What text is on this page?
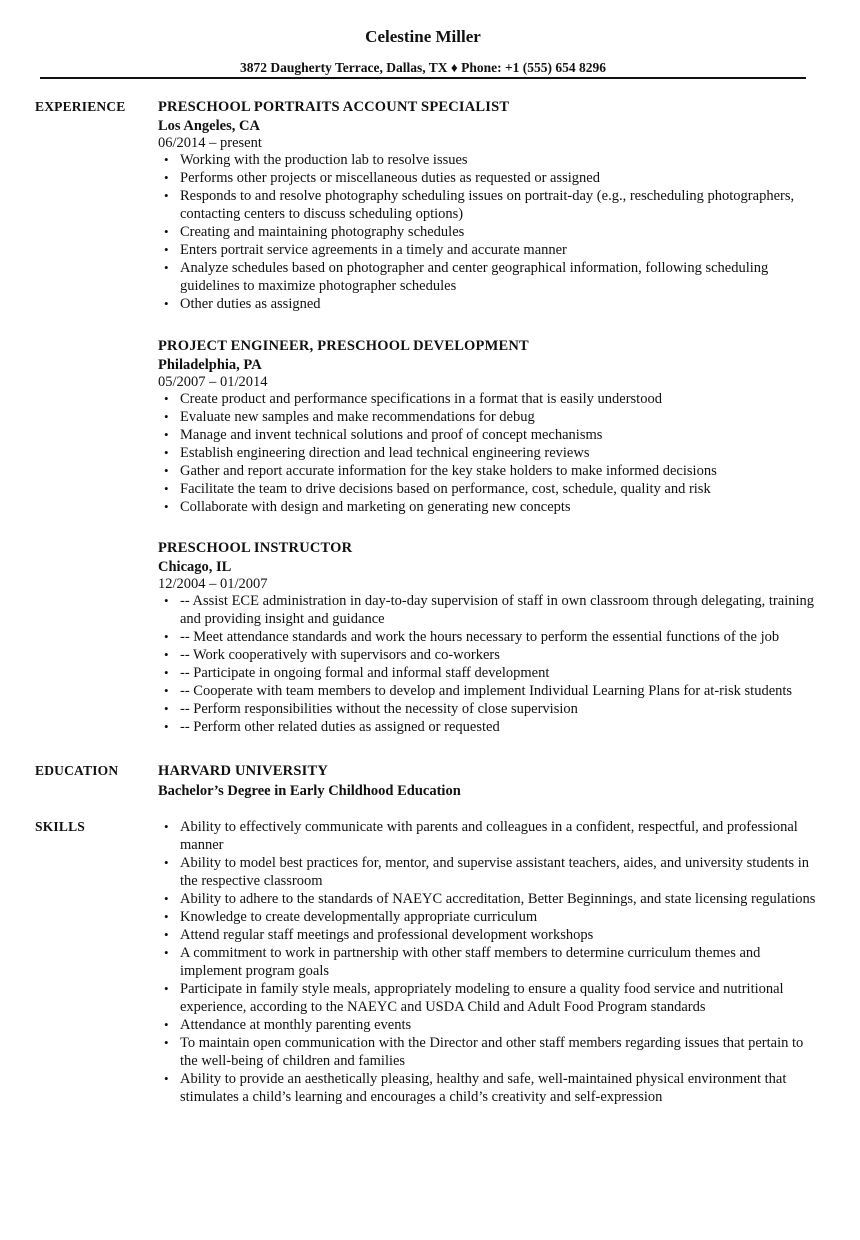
Celestine Miller
3872 Daugherty Terrace, Dallas, TX ♦ Phone: +1 (555) 654 8296
EXPERIENCE PRESCHOOL PORTRAITS ACCOUNT SPECIALIST
Los Angeles, CA
06/2014 – present
• Working with the production lab to resolve issues
• Performs other projects or miscellaneous duties as requested or assigned
• Responds to and resolve photography scheduling issues on portrait-day (e.g., rescheduling photographers, contacting centers to discuss scheduling options)
• Creating and maintaining photography schedules
• Enters portrait service agreements in a timely and accurate manner
• Analyze schedules based on photographer and center geographical information, following scheduling guidelines to maximize photographer schedules
• Other duties as assigned
PROJECT ENGINEER, PRESCHOOL DEVELOPMENT
Philadelphia, PA
05/2007 – 01/2014
• Create product and performance specifications in a format that is easily understood
• Evaluate new samples and make recommendations for debug
• Manage and invent technical solutions and proof of concept mechanisms
• Establish engineering direction and lead technical engineering reviews
• Gather and report accurate information for the key stake holders to make informed decisions
• Facilitate the team to drive decisions based on performance, cost, schedule, quality and risk
• Collaborate with design and marketing on generating new concepts
PRESCHOOL INSTRUCTOR
Chicago, IL
12/2004 – 01/2007
• -- Assist ECE administration in day-to-day supervision of staff in own classroom through delegating, training and providing insight and guidance
• -- Meet attendance standards and work the hours necessary to perform the essential functions of the job
• -- Work cooperatively with supervisors and co-workers
• -- Participate in ongoing formal and informal staff development
• -- Cooperate with team members to develop and implement Individual Learning Plans for at-risk students
• -- Perform responsibilities without the necessity of close supervision
• -- Perform other related duties as assigned or requested
EDUCATION	HARVARD UNIVERSITY
Bachelor’s Degree in Early Childhood Education
SKILLS
•	Ability to effectively communicate with parents and colleagues in a confident, respectful, and professional manner
• Ability to model best practices for, mentor, and supervise assistant teachers, aides, and university students in the respective classroom
• Ability to adhere to the standards of NAEYC accreditation, Better Beginnings, and state licensing regulations
• Knowledge to create developmentally appropriate curriculum
• Attend regular staff meetings and professional development workshops
• A commitment to work in partnership with other staff members to determine curriculum themes and implement program goals
• Participate in family style meals, appropriately modeling to ensure a quality food service and nutritional experience, according to the NAEYC and USDA Child and Adult Food Program standards
• Attendance at monthly parenting events
• To maintain open communication with the Director and other staff members regarding issues that pertain to the well-being of children and families
• Ability to provide an aesthetically pleasing, healthy and safe, well-maintained physical environment that stimulates a child’s learning and encourages a child’s creativity and self-expression
